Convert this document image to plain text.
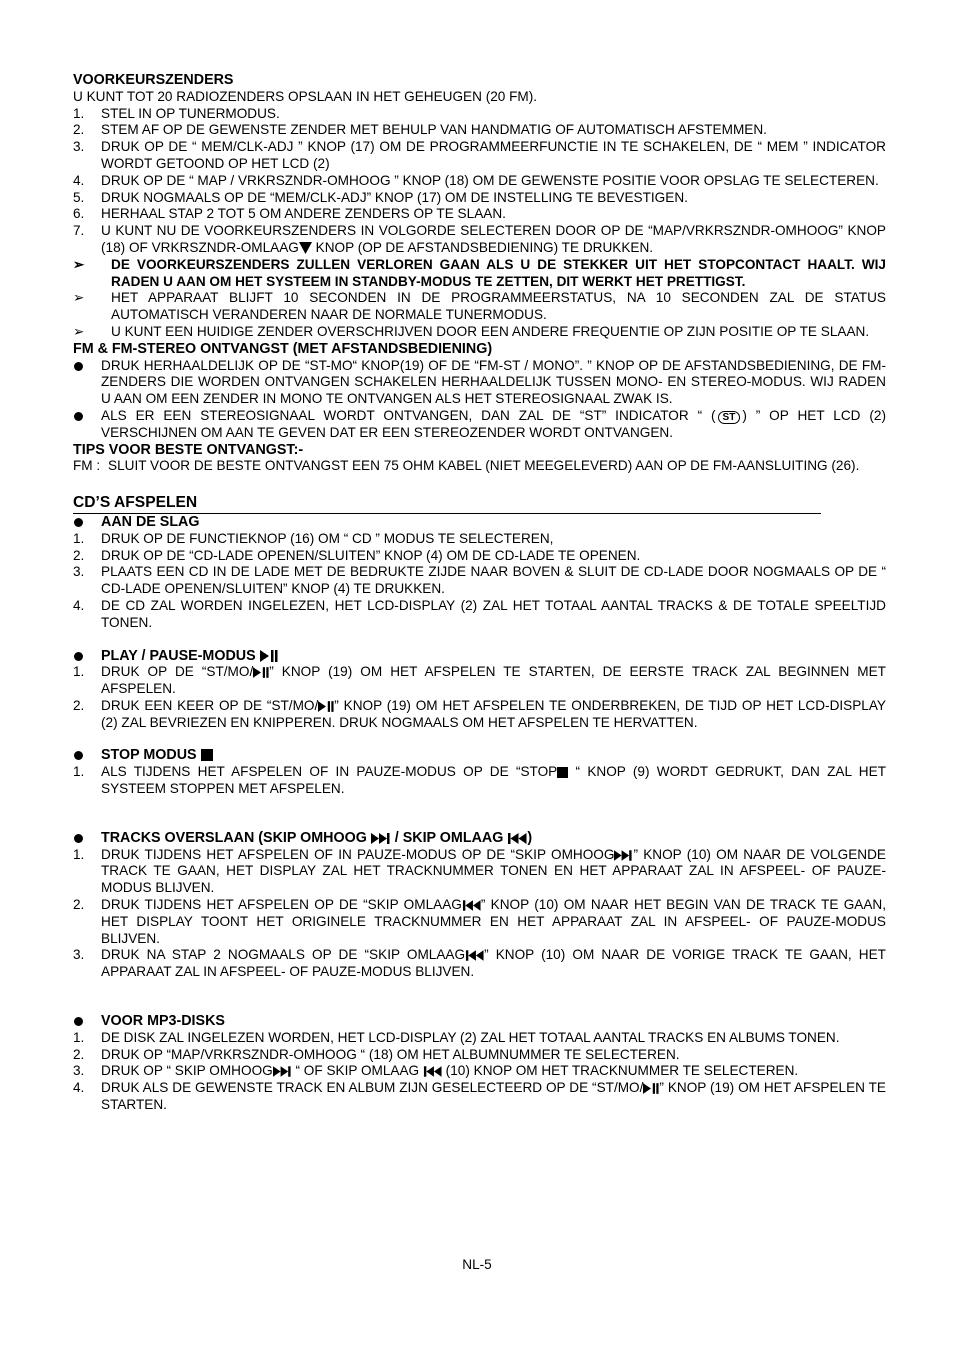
VOORKEURSZENDERS
U KUNT TOT 20 RADIOZENDERS OPSLAAN IN HET GEHEUGEN (20 FM).
1. STEL IN OP TUNERMODUS.
2. STEM AF OP DE GEWENSTE ZENDER MET BEHULP VAN HANDMATIG OF AUTOMATISCH AFSTEMMEN.
3. DRUK OP DE “ MEM/CLK-ADJ ” KNOP (17) OM DE PROGRAMMEERFUNCTIE IN TE SCHAKELEN, DE “ MEM ” INDICATOR WORDT GETOOND OP HET LCD (2)
4. DRUK OP DE “ MAP / VRKRSZNDR-OMHOOG ” KNOP (18) OM DE GEWENSTE POSITIE VOOR OPSLAG TE SELECTEREN.
5. DRUK NOGMAALS OP DE “MEM/CLK-ADJ” KNOP (17) OM DE INSTELLING TE BEVESTIGEN.
6. HERHAAL STAP 2 TOT 5 OM ANDERE ZENDERS OP TE SLAAN.
7. U KUNT NU DE VOORKEURSZENDERS IN VOLGORDE SELECTEREN DOOR OP DE “MAP/VRKRSZNDR-OMHOOG” KNOP (18) OF VRKRSZNDR-OMLAAG KNOP (OP DE AFSTANDSBEDIENING) TE DRUKKEN.
➢ DE VOORKEURSZENDERS ZULLEN VERLOREN GAAN ALS U DE STEKKER UIT HET STOPCONTACT HAALT. WIJ RADEN U AAN OM HET SYSTEEM IN STANDBY-MODUS TE ZETTEN, DIT WERKT HET PRETTIGST.
➢ HET APPARAAT BLIJFT 10 SECONDEN IN DE PROGRAMMEERSTATUS, NA 10 SECONDEN ZAL DE STATUS AUTOMATISCH VERANDEREN NAAR DE NORMALE TUNERMODUS.
➢ U KUNT EEN HUIDIGE ZENDER OVERSCHRIJVEN DOOR EEN ANDERE FREQUENTIE OP ZIJN POSITIE OP TE SLAAN.
FM & FM-STEREO ONTVANGST (MET AFSTANDSBEDIENING)
DRUK HERHAALDELIJK OP DE “ST-MO“ KNOP(19) OF DE “FM-ST / MONO”. ” KNOP OP DE AFSTANDSBEDIENING, DE FM-ZENDERS DIE WORDEN ONTVANGEN SCHAKELEN HERHAALDELIJK TUSSEN MONO- EN STEREO-MODUS. WIJ RADEN U AAN OM EEN ZENDER IN MONO TE ONTVANGEN ALS HET STEREOSIGNAAL ZWAK IS.
ALS ER EEN STEREOSIGNAAL WORDT ONTVANGEN, DAN ZAL DE “ST” INDICATOR “ ( ST ) ” OP HET LCD (2) VERSCHIJNEN OM AAN TE GEVEN DAT ER EEN STEREOZENDER WORDT ONTVANGEN.
TIPS VOOR BESTE ONTVANGST:-
FM : SLUIT VOOR DE BESTE ONTVANGST EEN 75 OHM KABEL (NIET MEEGELEVERD) AAN OP DE FM-AANSLUITING (26).
CD’S AFSPELEN
AAN DE SLAG
1. DRUK OP DE FUNCTIEKNOP (16) OM “ CD ” MODUS TE SELECTEREN,
2. DRUK OP DE “CD-LADE OPENEN/SLUITEN” KNOP (4) OM DE CD-LADE TE OPENEN.
3. PLAATS EEN CD IN DE LADE MET DE BEDRUKTE ZIJDE NAAR BOVEN & SLUIT DE CD-LADE DOOR NOGMAALS OP DE “ CD-LADE OPENEN/SLUITEN” KNOP (4) TE DRUKKEN.
4. DE CD ZAL WORDEN INGELEZEN, HET LCD-DISPLAY (2) ZAL HET TOTAAL AANTAL TRACKS & DE TOTALE SPEELTIJD TONEN.
PLAY / PAUSE-MODUS
1. DRUK OP DE “ST/MO/ ” KNOP (19) OM HET AFSPELEN TE STARTEN, DE EERSTE TRACK ZAL BEGINNEN MET AFSPELEN.
2. DRUK EEN KEER OP DE “ST/MO/ ” KNOP (19) OM HET AFSPELEN TE ONDERBREKEN, DE TIJD OP HET LCD-DISPLAY (2) ZAL BEVRIEZEN EN KNIPPEREN. DRUK NOGMAALS OM HET AFSPELEN TE HERVATTEN.
STOP MODUS
1. ALS TIJDENS HET AFSPELEN OF IN PAUZE-MODUS OP DE “STOP “ KNOP (9) WORDT GEDRUKT, DAN ZAL HET SYSTEEM STOPPEN MET AFSPELEN.
TRACKS OVERSLAAN (SKIP OMHOOG  / SKIP OMLAAG )
1. DRUK TIJDENS HET AFSPELEN OF IN PAUZE-MODUS OP DE “SKIP OMHOOG ” KNOP (10) OM NAAR DE VOLGENDE TRACK TE GAAN, HET DISPLAY ZAL HET TRACKNUMMER TONEN EN HET APPARAAT ZAL IN AFSPEEL- OF PAUZE-MODUS BLIJVEN.
2. DRUK TIJDENS HET AFSPELEN OP DE “SKIP OMLAAG ” KNOP (10) OM NAAR HET BEGIN VAN DE TRACK TE GAAN, HET DISPLAY TOONT HET ORIGINELE TRACKNUMMER EN HET APPARAAT ZAL IN AFSPEEL- OF PAUZE-MODUS BLIJVEN.
3. DRUK NA STAP 2 NOGMAALS OP DE “SKIP OMLAAG ” KNOP (10) OM NAAR DE VORIGE TRACK TE GAAN, HET APPARAAT ZAL IN AFSPEEL- OF PAUZE-MODUS BLIJVEN.
VOOR MP3-DISKS
1. DE DISK ZAL INGELEZEN WORDEN, HET LCD-DISPLAY (2) ZAL HET TOTAAL AANTAL TRACKS EN ALBUMS TONEN.
2. DRUK OP “MAP/VRKRSZNDR-OMHOOG “ (18) OM HET ALBUMNUMMER TE SELECTEREN.
3. DRUK OP “ SKIP OMHOOG “ OF SKIP OMLAAG  (10) KNOP OM HET TRACKNUMMER TE SELECTEREN.
4. DRUK ALS DE GEWENSTE TRACK EN ALBUM ZIJN GESELECTEERD OP DE “ST/MO/ ” KNOP (19) OM HET AFSPELEN TE STARTEN.
NL-5
